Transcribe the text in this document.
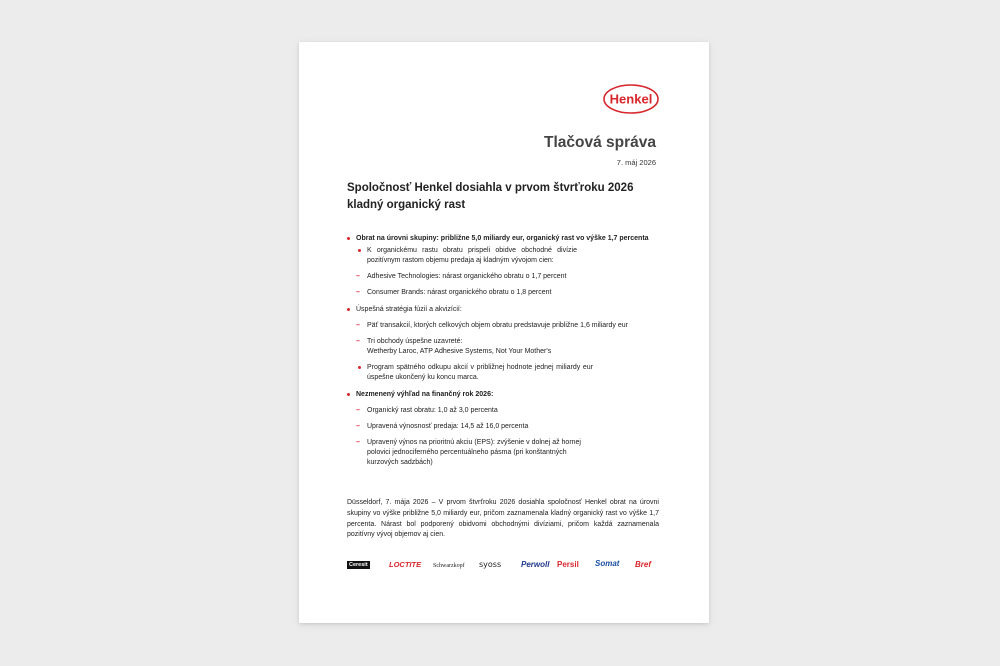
Henkel
Tlačová správa
7. máj 2026
Spoločnosť Henkel dosiahla v prvom štvrťroku 2026 kladný organický rast
Obrat na úrovni skupiny: približne 5,0 miliardy eur, organický rast vo výške 1,7 percenta
K organickému rastu obratu prispeli obidve obchodné divízie pozitívnym rastom objemu predaja aj kladným vývojom cien:
– Adhesive Technologies: nárast organického obratu o 1,7 percent
– Consumer Brands: nárast organického obratu o 1,8 percent
Úspešná stratégia fúzií a akvizícií:
– Päť transakcií, ktorých celkových objem obratu predstavuje približne 1,6 miliardy eur
– Tri obchody úspešne uzavreté:
Wetherby Laroc, ATP Adhesive Systems, Not Your Mother's
Program spätného odkupu akcií v približnej hodnote jednej miliardy eur úspešne ukončený ku koncu marca.
Nezmenený výhľad na finančný rok 2026:
– Organický rast obratu: 1,0 až 3,0 percenta
– Upravená výnosnosť predaja: 14,5 až 16,0 percenta
– Upravený výnos na prioritnú akciu (EPS): zvýšenie v dolnej až hornej polovici jednociferného percentuálneho pásma (pri konštantných kurzových sadzbách)

Düsseldorf, 7. mája 2026 – V prvom štvrťroku 2026 dosiahla spoločnosť Henkel obrat na úrovni skupiny vo výške približne 5,0 miliardy eur, pričom zaznamenala kladný organický rast vo výške 1,7 percenta. Nárast bol podporený obidvomi obchodnými divíziami, pričom každá zaznamenala pozitívny vývoj objemov aj cien.

Ceresit	LOCTITE Schwarzkopf syoss Perwoll Persil Somat Bref
